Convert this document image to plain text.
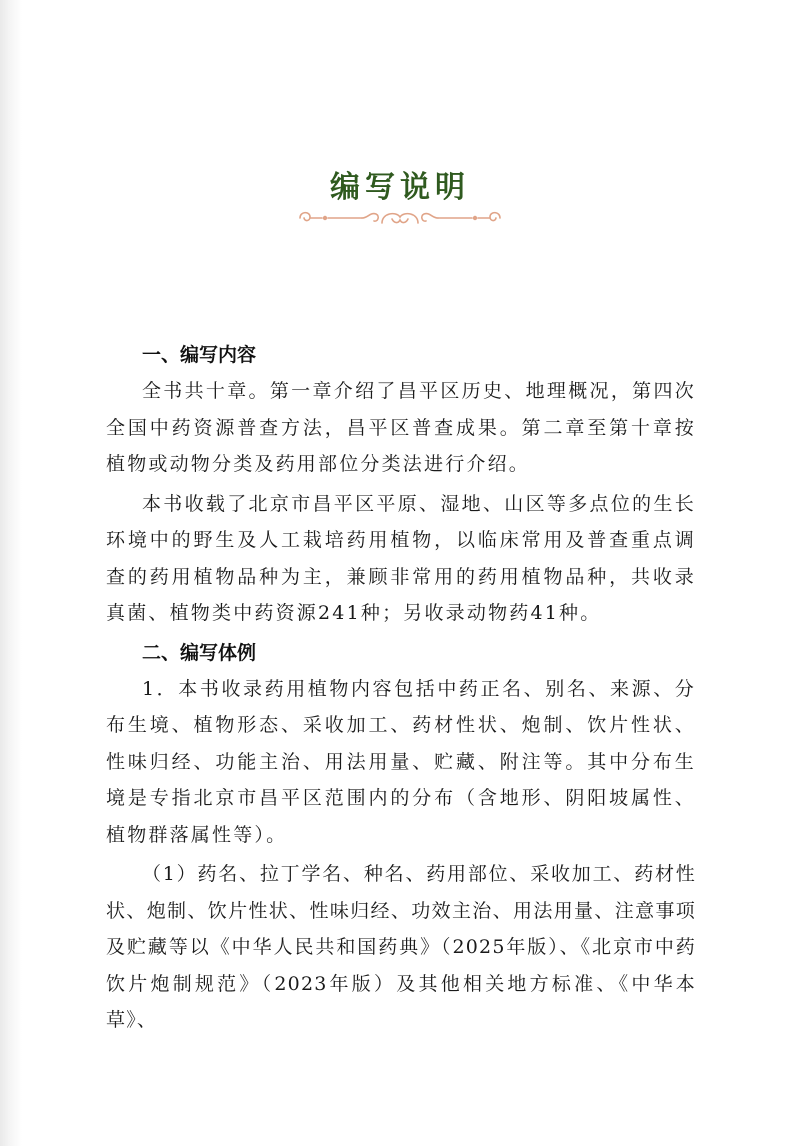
编写说明
一、编写内容

全书共十章。第一章介绍了昌平区历史、地理概况，第四次全国中药资源普查方法，昌平区普查成果。第二章至第十章按植物或动物分类及药用部位分类法进行介绍。

本书收载了北京市昌平区平原、湿地、山区等多点位的生长环境中的野生及人工栽培药用植物，以临床常用及普查重点调查的药用植物品种为主，兼顾非常用的药用植物品种，共收录真菌、植物类中药资源241种；另收录动物药41种。

二、编写体例

1．本书收录药用植物内容包括中药正名、别名、来源、分布生境、植物形态、采收加工、药材性状、炮制、饮片性状、性味归经、功能主治、用法用量、贮藏、附注等。其中分布生境是专指北京市昌平区范围内的分布（含地形、阴阳坡属性、植物群落属性等）。

（1）药名、拉丁学名、种名、药用部位、采收加工、药材性状、炮制、饮片性状、性味归经、功效主治、用法用量、注意事项及贮藏等以《中华人民共和国药典》（2025年版）、《北京市中药饮片炮制规范》（2023年版）及其他相关地方标准、《中华本草》、
